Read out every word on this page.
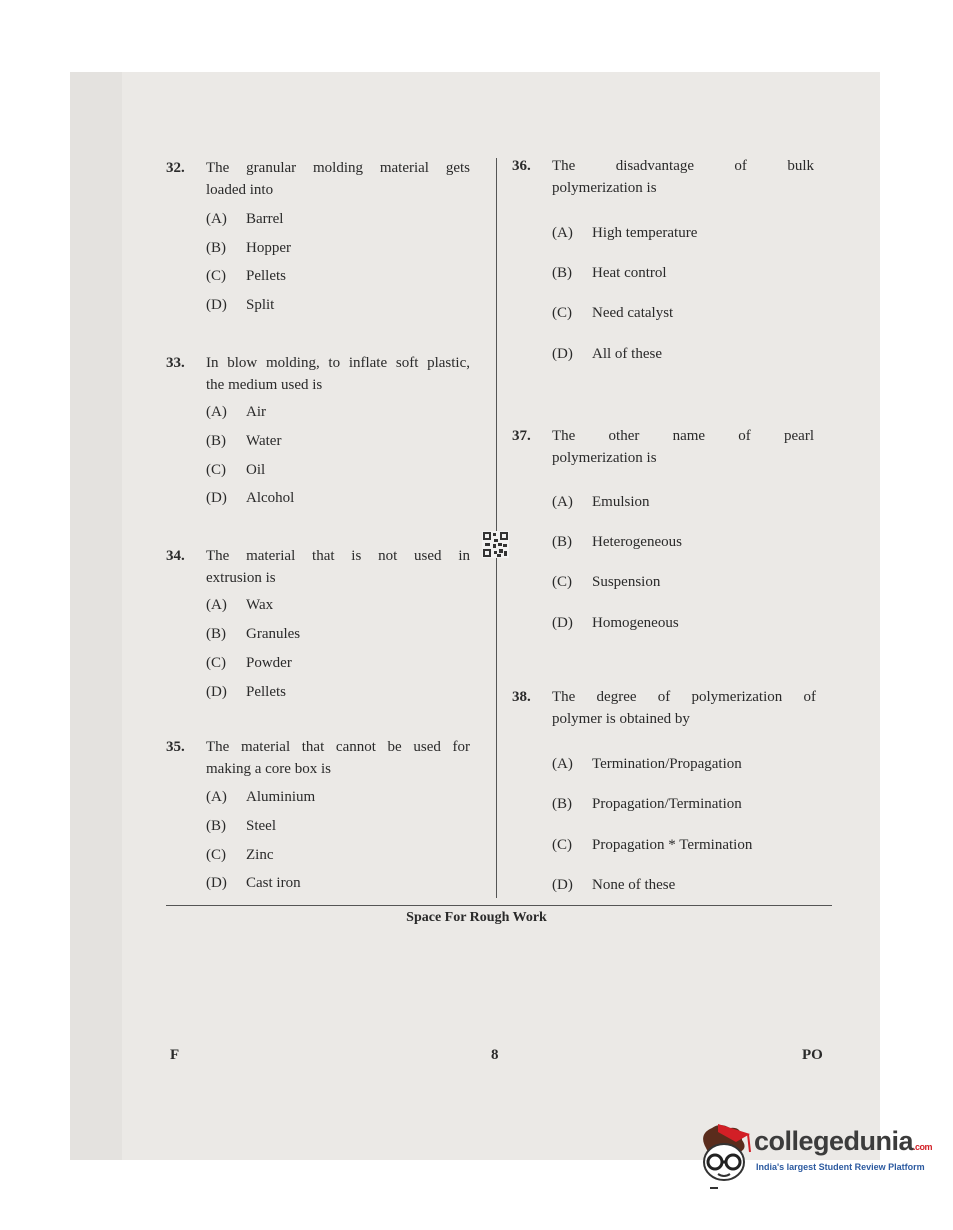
32. The granular molding material gets
loaded into
(A) Barrel
(B) Hopper
(C) Pellets
(D) Split
33. In blow molding, to inflate soft plastic,
the medium used is
(A) Air
(B) Water
(C) Oil
(D) Alcohol
34. The material that is not used in
extrusion is
(A) Wax
(B) Granules
(C) Powder
(D) Pellets
35. The material that cannot be used for
making a core box is
(A) Aluminium
(B) Steel
(C) Zinc
(D) Cast iron
36. The disadvantage of bulk
polymerization is
(A) High temperature
(B) Heat control
(C) Need catalyst
(D) All of these
37. The other name of pearl
polymerization is
(A) Emulsion
(B) Heterogeneous
(C) Suspension
(D) Homogeneous
38. The degree of polymerization of
polymer is obtained by
(A) Termination/Propagation
(B) Propagation/Termination
(C) Propagation * Termination
(D) None of these
Space For Rough Work
F	8	PO
collegedunia.com
India's largest Student Review Platform
